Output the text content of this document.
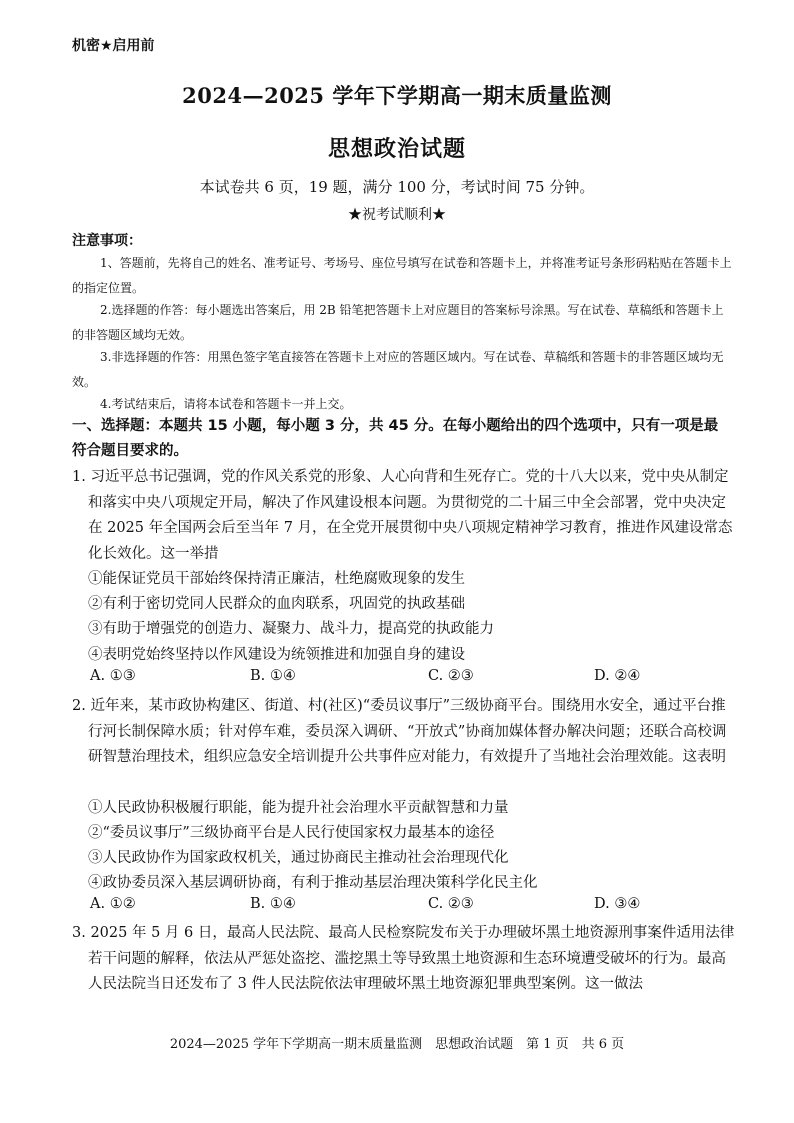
机密★启用前
2024—2025 学年下学期高一期末质量监测
思想政治试题
本试卷共 6 页，19 题，满分 100 分，考试时间 75 分钟。
★祝考试顺利★
注意事项：
1、答题前，先将自己的姓名、准考证号、考场号、座位号填写在试卷和答题卡上，并将准考证号条形码粘贴在答题卡上的指定位置。
2.选择题的作答：每小题选出答案后，用 2B 铅笔把答题卡上对应题目的答案标号涂黑。写在试卷、草稿纸和答题卡上的非答题区域均无效。
3.非选择题的作答：用黑色签字笔直接答在答题卡上对应的答题区域内。写在试卷、草稿纸和答题卡的非答题区域均无效。
4.考试结束后，请将本试卷和答题卡一并上交。
一、选择题：本题共 15 小题，每小题 3 分，共 45 分。在每小题给出的四个选项中，只有一项是最符合题目要求的。
1. 习近平总书记强调，党的作风关系党的形象、人心向背和生死存亡。党的十八大以来，党中央从制定和落实中央八项规定开局，解决了作风建设根本问题。为贯彻党的二十届三中全会部署，党中央决定在 2025 年全国两会后至当年 7 月，在全党开展贯彻中央八项规定精神学习教育，推进作风建设常态化长效化。这一举措
①能保证党员干部始终保持清正廉洁，杜绝腐败现象的发生
②有利于密切党同人民群众的血肉联系，巩固党的执政基础
③有助于增强党的创造力、凝聚力、战斗力，提高党的执政能力
④表明党始终坚持以作风建设为统领推进和加强自身的建设
A. ①③	B. ①④	C. ②③	D. ②④
2. 近年来，某市政协构建区、街道、村(社区)“委员议事厅”三级协商平台。围绕用水安全，通过平台推行河长制保障水质；针对停车难，委员深入调研、“开放式”协商加媒体督办解决问题；还联合高校调研智慧治理技术，组织应急安全培训提升公共事件应对能力，有效提升了当地社会治理效能。这表明
①人民政协积极履行职能，能为提升社会治理水平贡献智慧和力量
②“委员议事厅”三级协商平台是人民行使国家权力最基本的途径
③人民政协作为国家政权机关，通过协商民主推动社会治理现代化
④政协委员深入基层调研协商，有利于推动基层治理决策科学化民主化
A. ①②	B. ①④	C. ②③	D. ③④
3. 2025 年 5 月 6 日，最高人民法院、最高人民检察院发布关于办理破坏黑土地资源刑事案件适用法律若干问题的解释，依法从严惩处盗挖、滥挖黑土等导致黑土地资源和生态环境遭受破坏的行为。最高人民法院当日还发布了 3 件人民法院依法审理破坏黑土地资源犯罪典型案例。这一做法
2024—2025 学年下学期高一期末质量监测　思想政治试题　第 1 页　共 6 页
